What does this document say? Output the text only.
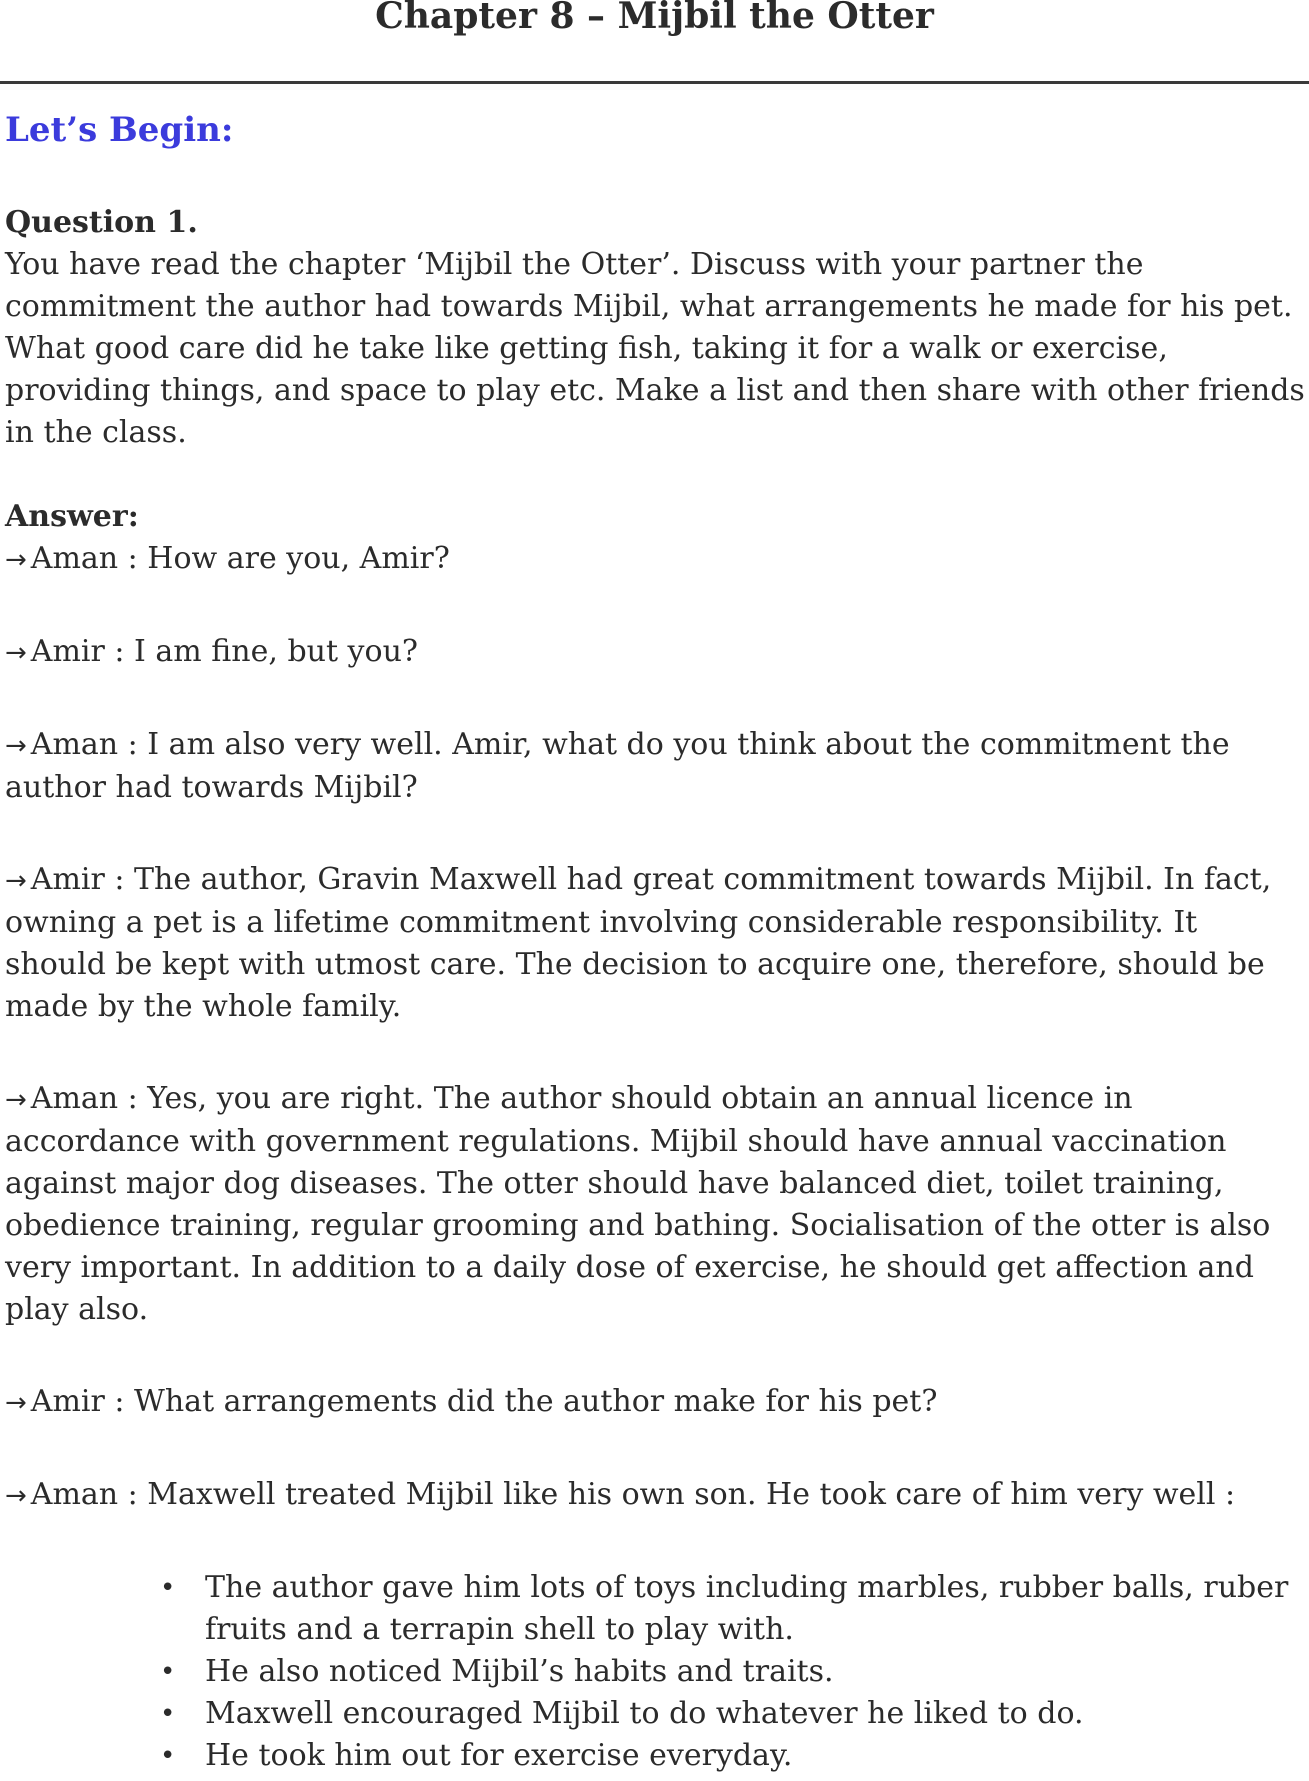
Chapter 8 – Mijbil the Otter
Let’s Begin:

Question 1.

You have read the chapter ‘Mijbil the Otter’. Discuss with your partner the commitment the author had towards Mijbil, what arrangements he made for his pet. What good care did he take like getting fish, taking it for a walk or exercise, providing things, and space to play etc. Make a list and then share with other friends in the class.

Answer:

→ Aman : How are you, Amir?

→ Amir : I am fine, but you?

→ Aman : I am also very well. Amir, what do you think about the commitment the author had towards Mijbil?

→ Amir : The author, Gravin Maxwell had great commitment towards Mijbil. In fact, owning a pet is a lifetime commitment involving considerable responsibility. It should be kept with utmost care. The decision to acquire one, therefore, should be made by the whole family.

→ Aman : Yes, you are right. The author should obtain an annual licence in accordance with government regulations. Mijbil should have annual vaccination against major dog diseases. The otter should have balanced diet, toilet training, obedience training, regular grooming and bathing. Socialisation of the otter is also very important. In addition to a daily dose of exercise, he should get affection and play also.

→ Amir : What arrangements did the author make for his pet?

→ Aman : Maxwell treated Mijbil like his own son. He took care of him very well :

• The author gave him lots of toys including marbles, rubber balls, ruber fruits and a terrapin shell to play with.
• He also noticed Mijbil’s habits and traits.
• Maxwell encouraged Mijbil to do whatever he liked to do.
• He took him out for exercise everyday.
